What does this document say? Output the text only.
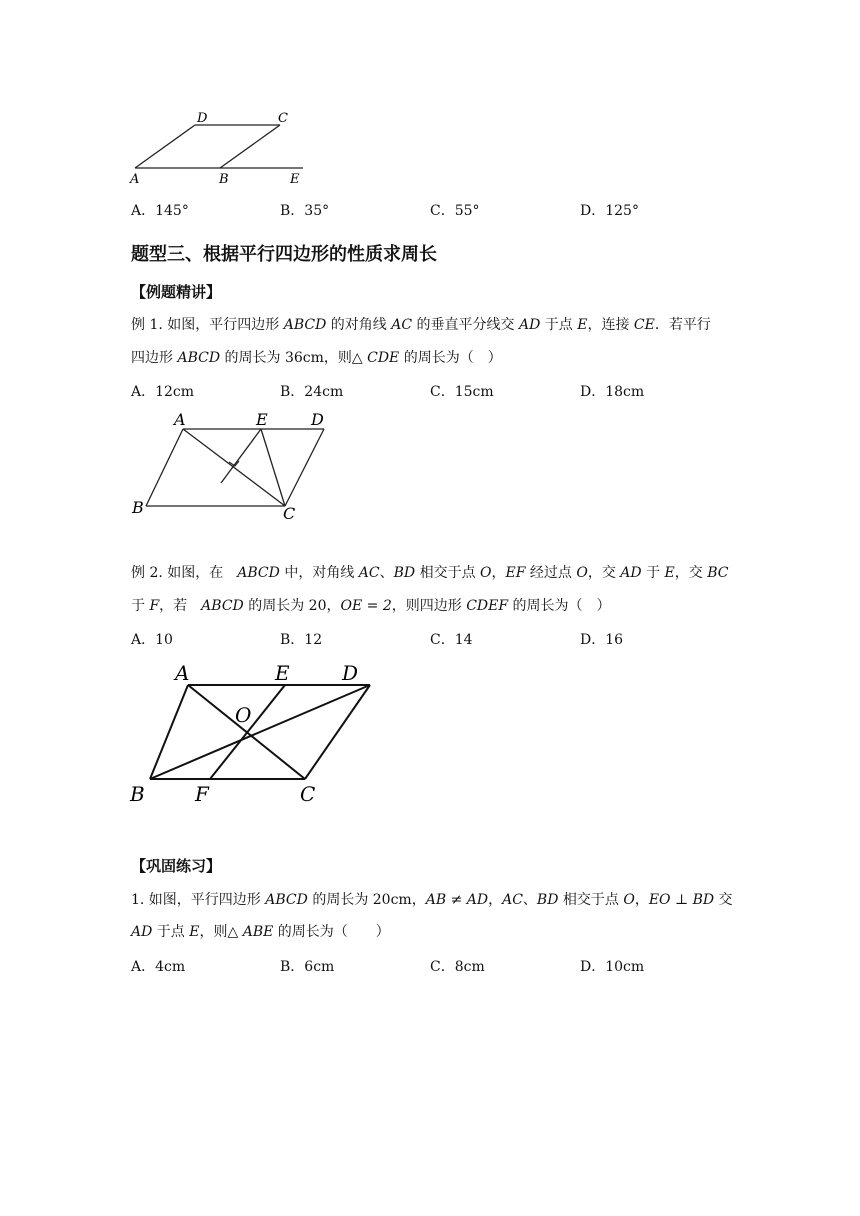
D	C
A	B	E
A．145°	B．35°	C．55°	D．125°
题型三、根据平行四边形的性质求周长
【例题精讲】
例 1. 如图，平行四边形 ABCD 的对角线 AC 的垂直平分线交 AD 于点 E，连接 CE．若平行
四边形 ABCD 的周长为 36cm，则△ CDE 的周长为（　）
A．12cm	B．24cm	C．15cm	D．18cm
A	E	D
B	C
例 2. 如图，在　ABCD 中，对角线 AC、BD 相交于点 O，EF 经过点 O，交 AD 于 E，交 BC
于 F，若　ABCD 的周长为 20，OE = 2，则四边形 CDEF 的周长为（　）
A．10	B．12	C．14	D．16
A	E	D
O
B	F	C
【巩固练习】
1. 如图，平行四边形 ABCD 的周长为 20cm，AB ≠ AD，AC、BD 相交于点 O，EO ⊥ BD 交
AD 于点 E，则△ ABE 的周长为（　　）
A．4cm	B．6cm	C．8cm	D．10cm
